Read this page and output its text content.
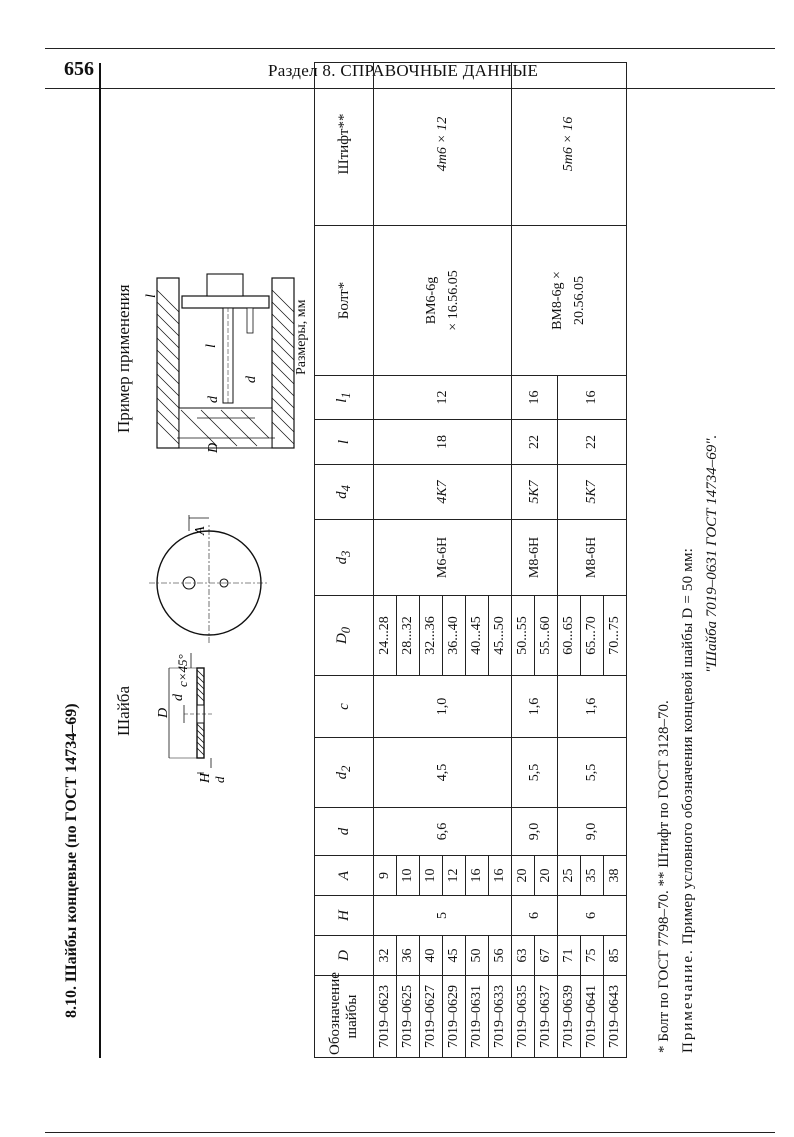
656	Раздел 8. СПРАВОЧНЫЕ ДАННЫЕ
8.10. Шайбы концевые (по ГОСТ 14734–69) Шайба
Пример применения	Размеры, мм
D
d
d
H
c×45°
A
D
d
d
l
l
Обозначение шайбы	D	H	A	d	$d_2$	c	$D_0$	$d_3$	$d_4$	l	$l_1$	Болт*	Штифт**
7019–0623	32	5	9	6,6	4,5	1,0	24...28	M6-6H	4K7	18	12	BM6-6g × 16.56.05	4m6 × 12
7019–0625	36		10				28...32						
7019–0627	40		10				32...36						
7019–0629	45		12				36...40						
7019–0631	50		16				40...45						
7019–0633	56		16				45...50						
7019–0635	63	6	20	9,0	5,5	1,6	50...55	M8-6H	5K7	22	16	BM8-6g × 20.56.05	5m6 × 16
7019–0637	67		20				55...60						
7019–0639	71	6	25	9,0	5,5	1,6	60...65	M8-6H	5K7	22	16		
7019–0641	75		35				65...70						
7019–0643	85		38				70...75						
* Болт по ГОСТ 7798–70. ** Штифт по ГОСТ 3128–70. Примечание. Пример условного обозначения концевой шайбы D = 50 мм: "Шайба 7019–0631 ГОСТ 14734–69".
